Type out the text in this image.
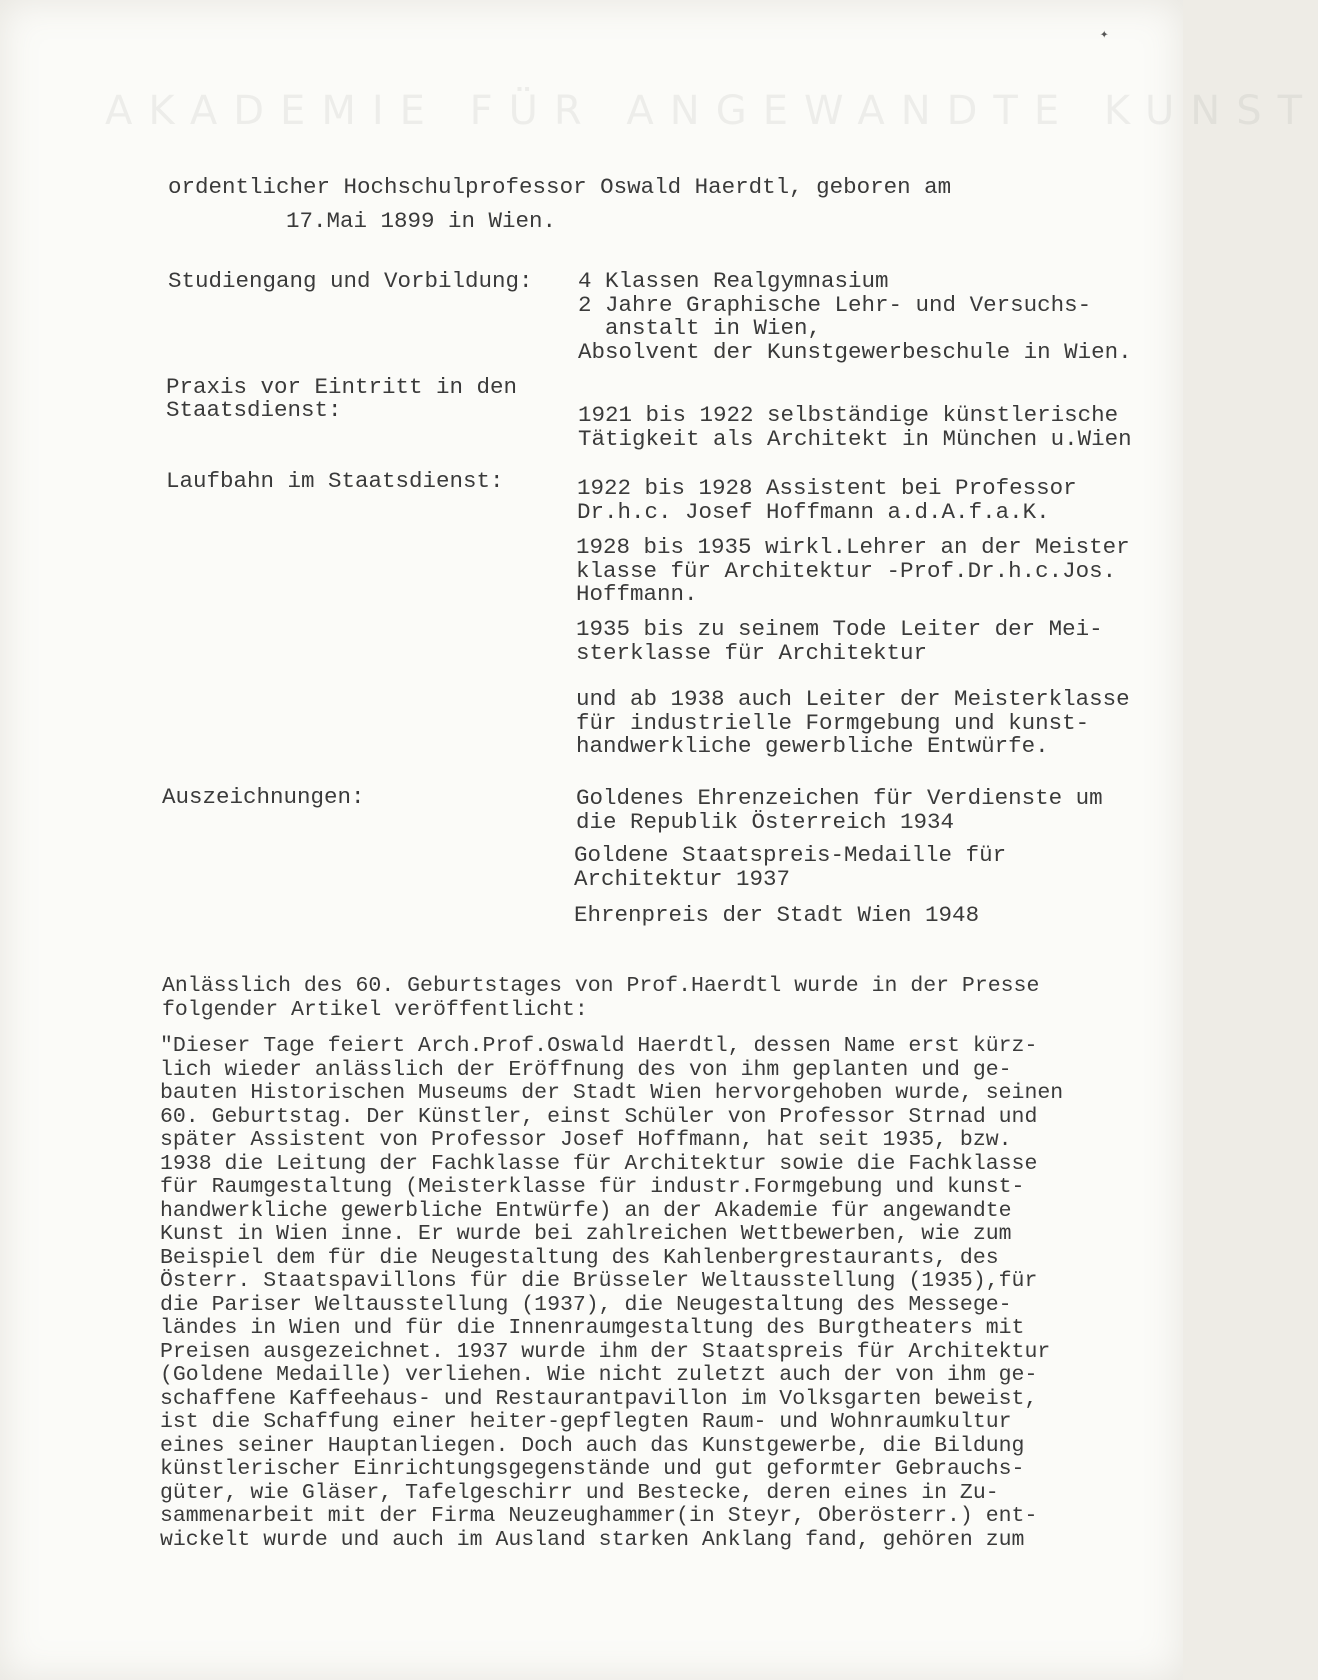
AKADEMIE FÜR ANGEWANDTE KUNST
✦
ordentlicher Hochschulprofessor Oswald Haerdtl, geboren am
17.Mai 1899 in Wien.
Studiengang und Vorbildung: 4 Klassen Realgymnasium
2 Jahre Graphische Lehr- und Versuchs-
anstalt in Wien,
Absolvent der Kunstgewerbeschule in Wien.
Praxis vor Eintritt in den
Staatsdienst:	1921 bis 1922 selbständige künstlerische
Tätigkeit als Architekt in München u.Wien
Laufbahn im Staatsdienst:	1922 bis 1928 Assistent bei Professor
Dr.h.c. Josef Hoffmann a.d.A.f.a.K.
1928 bis 1935 wirkl.Lehrer an der Meister
klasse für Architektur -Prof.Dr.h.c.Jos.
Hoffmann.
1935 bis zu seinem Tode Leiter der Mei-
sterklasse für Architektur
und ab 1938 auch Leiter der Meisterklasse
für industrielle Formgebung und kunst-
handwerkliche gewerbliche Entwürfe.
Auszeichnungen:	Goldenes Ehrenzeichen für Verdienste um
die Republik Österreich 1934
Goldene Staatspreis-Medaille für
Architektur 1937
Ehrenpreis der Stadt Wien 1948
Anlässlich des 60. Geburtstages von Prof.Haerdtl wurde in der Presse
folgender Artikel veröffentlicht:
"Dieser Tage feiert Arch.Prof.Oswald Haerdtl, dessen Name erst kürz-
lich wieder anlässlich der Eröffnung des von ihm geplanten und ge-
bauten Historischen Museums der Stadt Wien hervorgehoben wurde, seinen
60. Geburtstag. Der Künstler, einst Schüler von Professor Strnad und
später Assistent von Professor Josef Hoffmann, hat seit 1935, bzw.
1938 die Leitung der Fachklasse für Architektur sowie die Fachklasse
für Raumgestaltung (Meisterklasse für industr.Formgebung und kunst-
handwerkliche gewerbliche Entwürfe) an der Akademie für angewandte
Kunst in Wien inne. Er wurde bei zahlreichen Wettbewerben, wie zum
Beispiel dem für die Neugestaltung des Kahlenbergrestaurants, des
Österr. Staatspavillons für die Brüsseler Weltausstellung (1935),für
die Pariser Weltausstellung (1937), die Neugestaltung des Messege-
ländes in Wien und für die Innenraumgestaltung des Burgtheaters mit
Preisen ausgezeichnet. 1937 wurde ihm der Staatspreis für Architektur
(Goldene Medaille) verliehen. Wie nicht zuletzt auch der von ihm ge-
schaffene Kaffeehaus- und Restaurantpavillon im Volksgarten beweist,
ist die Schaffung einer heiter-gepflegten Raum- und Wohnraumkultur
eines seiner Hauptanliegen. Doch auch das Kunstgewerbe, die Bildung
künstlerischer Einrichtungsgegenstände und gut geformter Gebrauchs-
güter, wie Gläser, Tafelgeschirr und Bestecke, deren eines in Zu-
sammenarbeit mit der Firma Neuzeughammer(in Steyr, Oberösterr.) ent-
wickelt wurde und auch im Ausland starken Anklang fand, gehören zum
